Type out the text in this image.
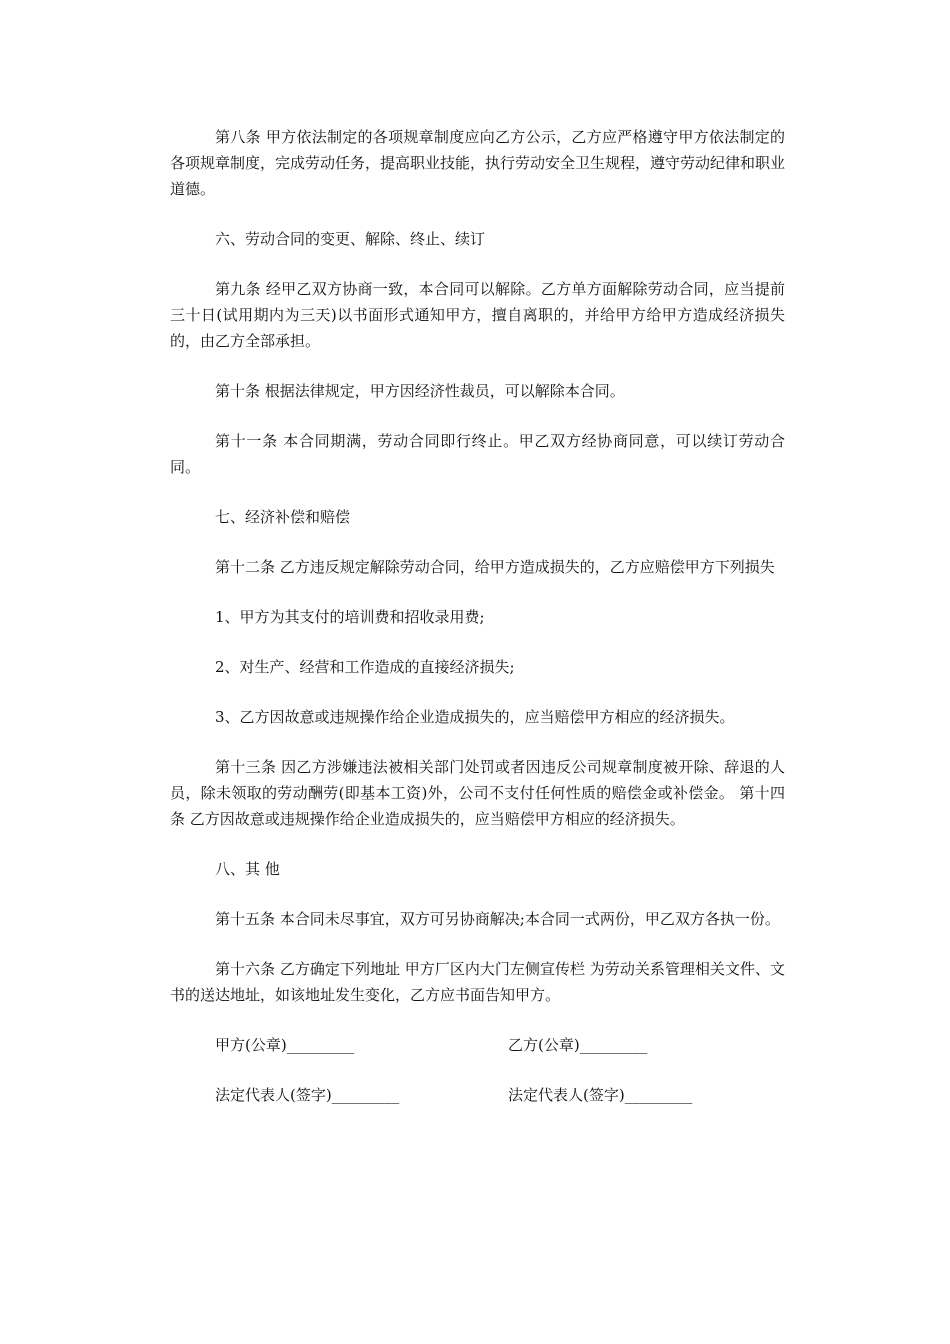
第八条 甲方依法制定的各项规章制度应向乙方公示，乙方应严格遵守甲方依法制定的各项规章制度，完成劳动任务，提高职业技能，执行劳动安全卫生规程，遵守劳动纪律和职业道德。

六、劳动合同的变更、解除、终止、续订

第九条 经甲乙双方协商一致，本合同可以解除。乙方单方面解除劳动合同，应当提前三十日(试用期内为三天)以书面形式通知甲方，擅自离职的，并给甲方给甲方造成经济损失的，由乙方全部承担。

第十条 根据法律规定，甲方因经济性裁员，可以解除本合同。

第十一条 本合同期满，劳动合同即行终止。甲乙双方经协商同意，可以续订劳动合同。

七、经济补偿和赔偿

第十二条 乙方违反规定解除劳动合同，给甲方造成损失的，乙方应赔偿甲方下列损失

1、甲方为其支付的培训费和招收录用费;

2、对生产、经营和工作造成的直接经济损失;

3、乙方因故意或违规操作给企业造成损失的，应当赔偿甲方相应的经济损失。

第十三条 因乙方涉嫌违法被相关部门处罚或者因违反公司规章制度被开除、辞退的人员，除未领取的劳动酬劳(即基本工资)外，公司不支付任何性质的赔偿金或补偿金。 第十四条 乙方因故意或违规操作给企业造成损失的，应当赔偿甲方相应的经济损失。

八、其 他

第十五条 本合同未尽事宜，双方可另协商解决;本合同一式两份，甲乙双方各执一份。

第十六条 乙方确定下列地址 甲方厂区内大门左侧宣传栏 为劳动关系管理相关文件、文书的送达地址，如该地址发生变化，乙方应书面告知甲方。

甲方(公章)_________	乙方(公章)_________
法定代表人(签字)_________	法定代表人(签字)_________
